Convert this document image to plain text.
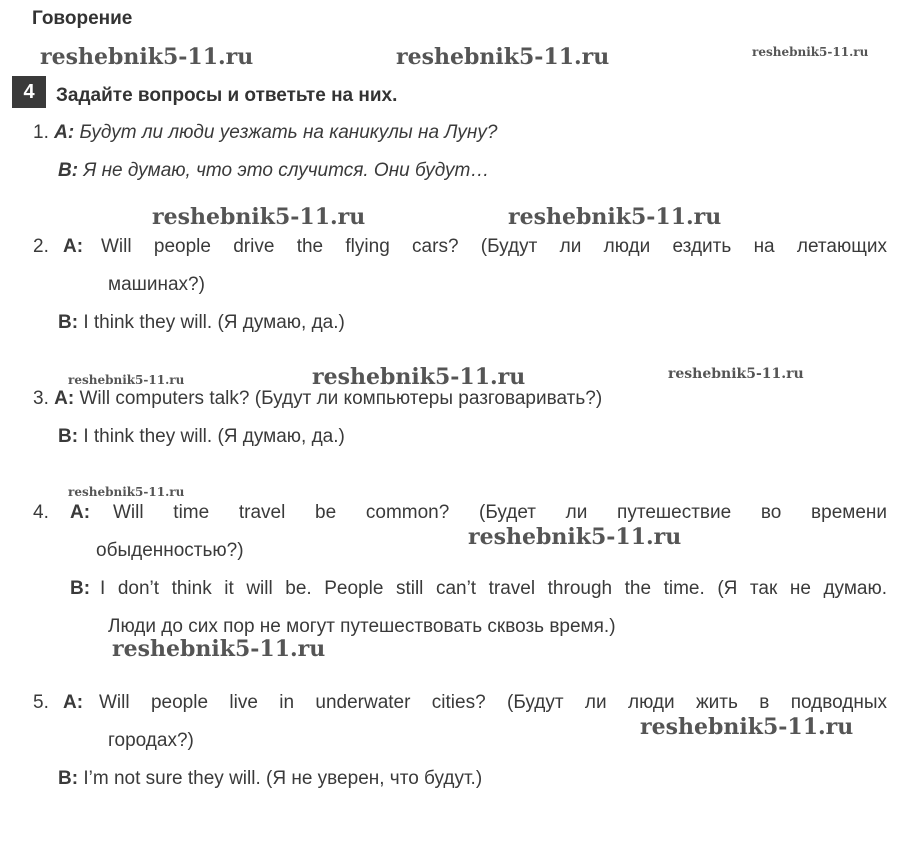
Говорение
reshebnik5-11.ru	reshebnik5-11.ru	reshebnik5-11.ru
reshebnik5-11.ru	reshebnik5-11.ru
reshebnik5-11.ru	reshebnik5-11.ru	reshebnik5-11.ru
reshebnik5-11.ru
reshebnik5-11.ru
reshebnik5-11.ru
reshebnik5-11.ru
4	Задайте вопросы и ответьте на них.
1. A: Будут ли люди уезжать на каникулы на Луну?
B: Я не думаю, что это случится. Они будут…
2. A: Will people drive the flying cars? (Будут ли люди ездить на летающих
машинах?)
B: I think they will. (Я думаю, да.)
3. A: Will computers talk? (Будут ли компьютеры разговаривать?)
B: I think they will. (Я думаю, да.)
4. A: Will time travel be common? (Будет ли путешествие во времени
обыденностью?)
B: I don’t think it will be. People still can’t travel through the time. (Я так не думаю.
Люди до сих пор не могут путешествовать сквозь время.)
5. A: Will people live in underwater cities? (Будут ли люди жить в подводных
городах?)
B: I’m not sure they will. (Я не уверен, что будут.)
